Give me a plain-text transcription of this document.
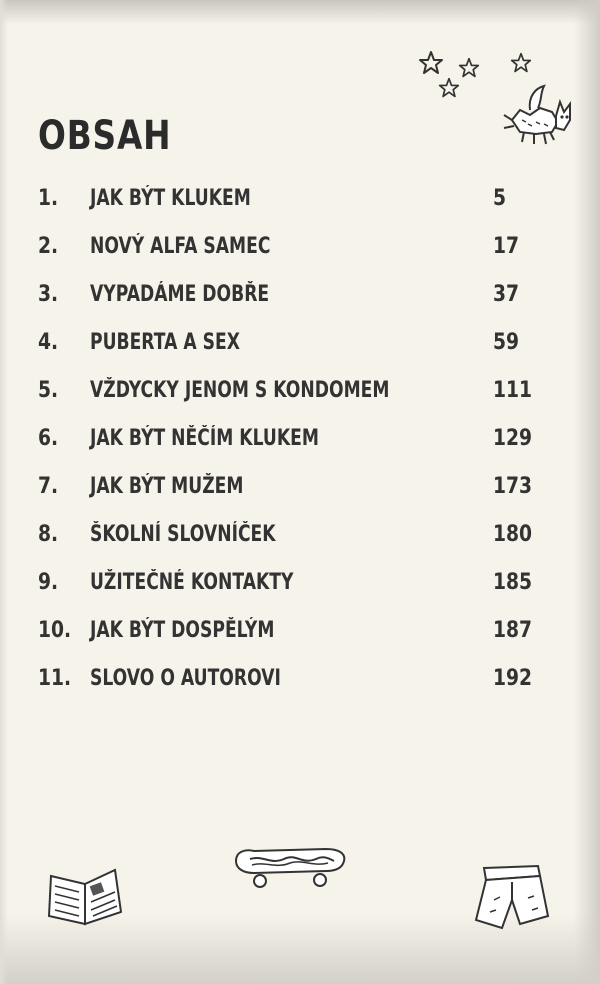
OBSAH
1. JAK BÝT KLUKEM	5
2. NOVÝ ALFA SAMEC	17
3. VYPADÁME DOBŘE	37
4. PUBERTA A SEX	59
5. VŽDYCKY JENOM S KONDOMEM	111
6. JAK BÝT NĚČÍM KLUKEM	129
7. JAK BÝT MUŽEM	173
8. ŠKOLNÍ SLOVNÍČEK	180
9. UŽITEČNÉ KONTAKTY	185
10. JAK BÝT DOSPĚLÝM	187
11. SLOVO O AUTOROVI	192
